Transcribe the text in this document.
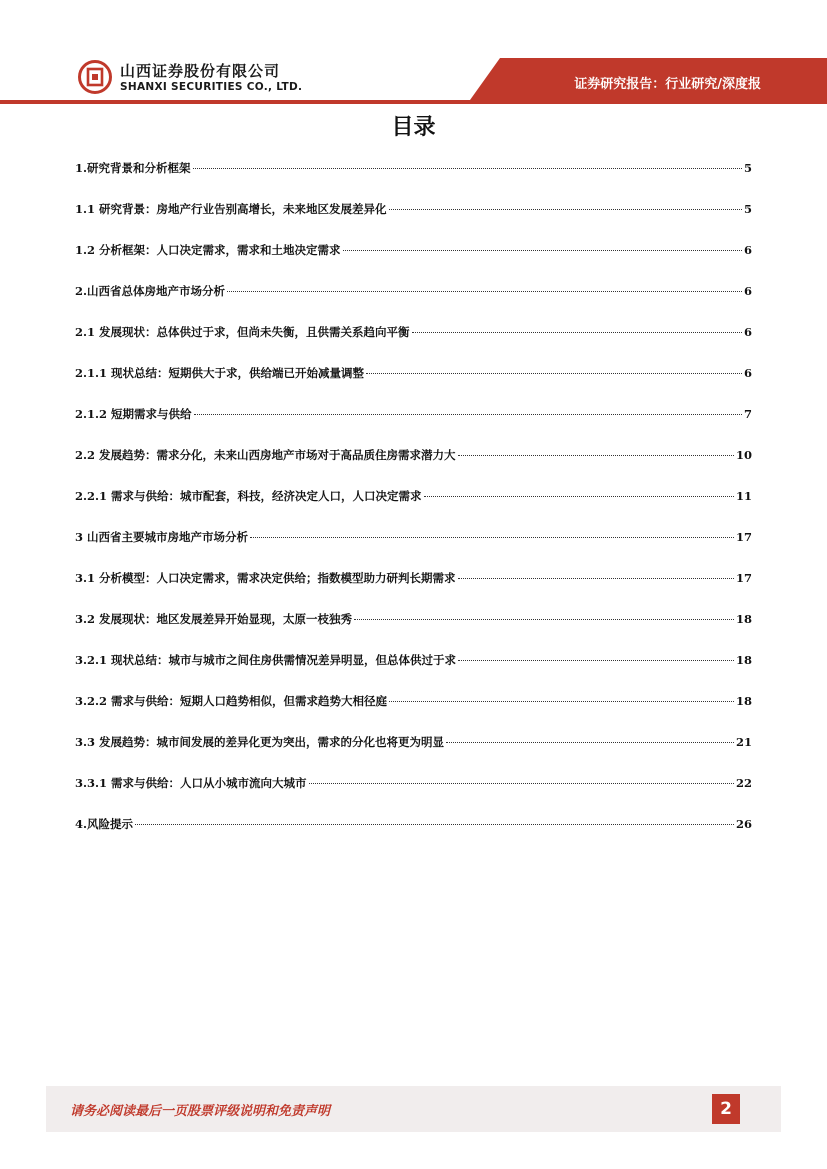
山西证券股份有限公司
SHANXI SECURITIES CO., LTD.	证券研究报告：行业研究/深度报
目录
1.研究背景和分析框架	5
1.1 研究背景：房地产行业告别高增长，未来地区发展差异化	5
1.2 分析框架：人口决定需求，需求和土地决定需求	6
2.山西省总体房地产市场分析	6
2.1 发展现状：总体供过于求，但尚未失衡，且供需关系趋向平衡	6
2.1.1 现状总结：短期供大于求，供给端已开始减量调整	6
2.1.2 短期需求与供给	7
2.2 发展趋势：需求分化，未来山西房地产市场对于高品质住房需求潜力大	10
2.2.1 需求与供给：城市配套，科技，经济决定人口，人口决定需求	11
3 山西省主要城市房地产市场分析	17
3.1 分析模型：人口决定需求，需求决定供给；指数模型助力研判长期需求	17
3.2 发展现状：地区发展差异开始显现，太原一枝独秀	18
3.2.1 现状总结：城市与城市之间住房供需情况差异明显，但总体供过于求	18
3.2.2 需求与供给：短期人口趋势相似，但需求趋势大相径庭	18
3.3 发展趋势：城市间发展的差异化更为突出，需求的分化也将更为明显	21
3.3.1 需求与供给：人口从小城市流向大城市	22
4.风险提示	26
请务必阅读最后一页股票评级说明和免责声明	2
